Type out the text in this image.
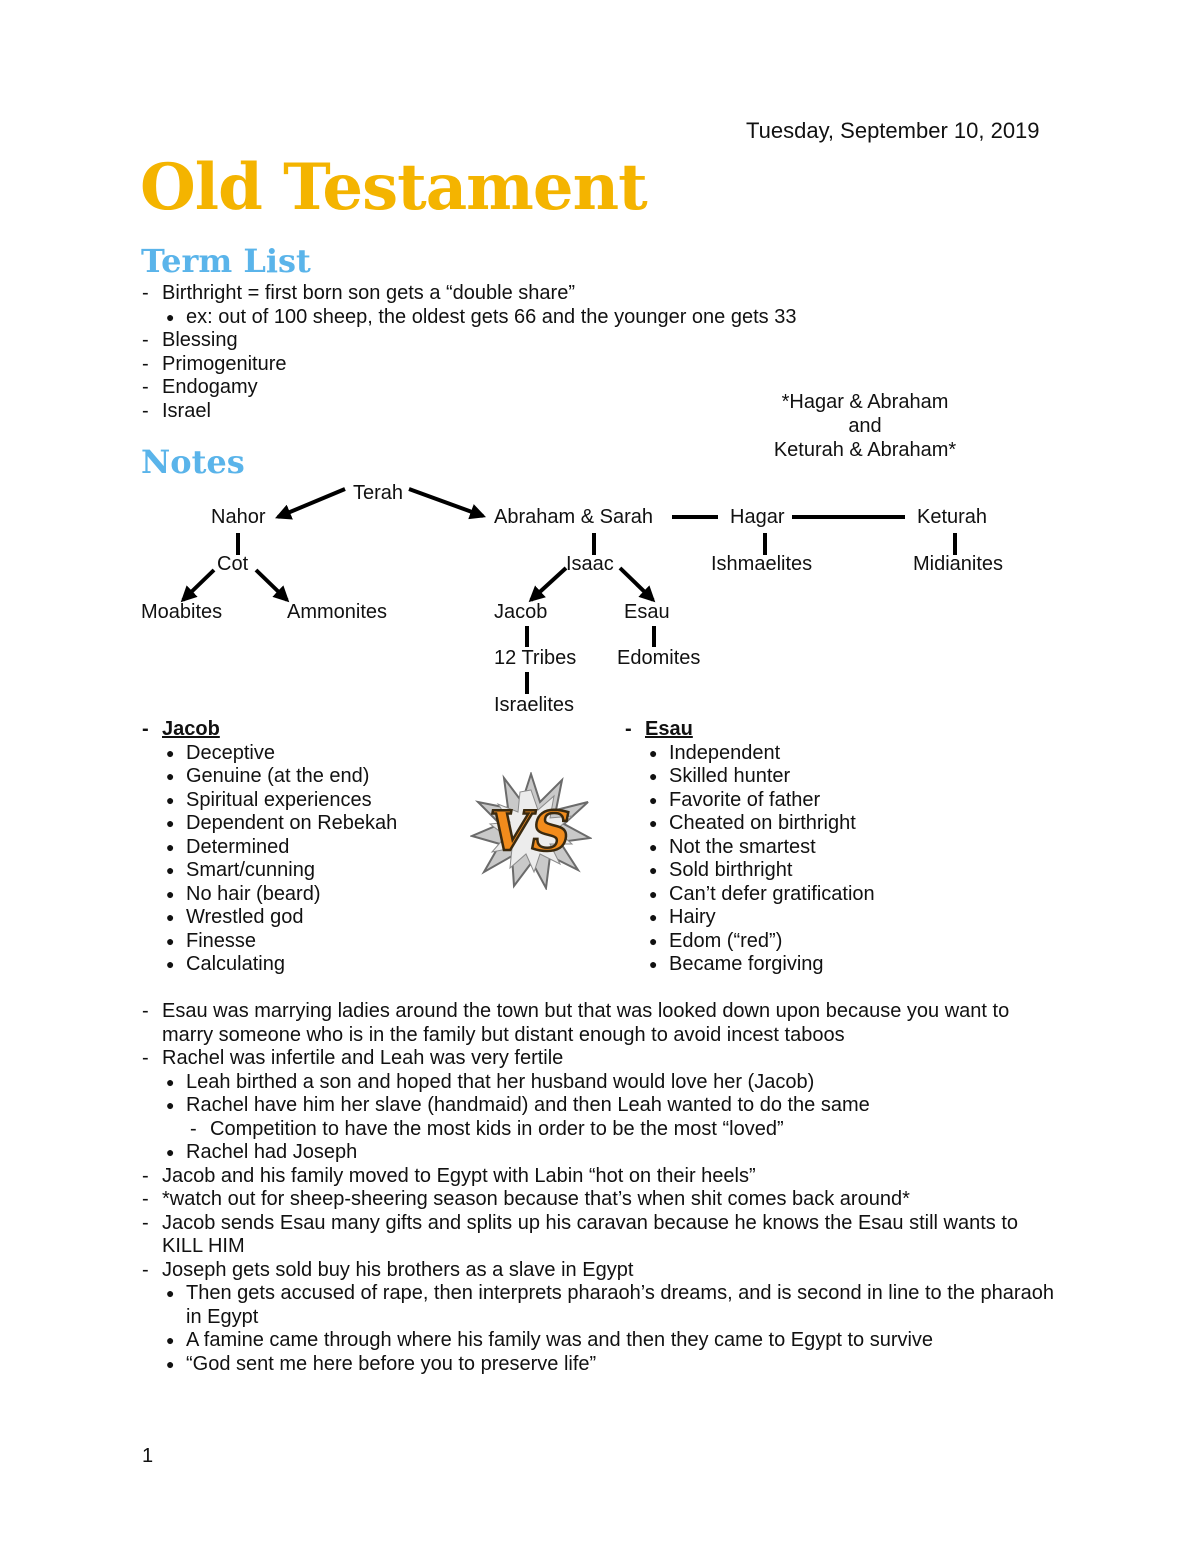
Tuesday, September 10, 2019
Old Testament
Term List
- Birthright = first born son gets a “double share”
● ex: out of 100 sheep, the oldest gets 66 and the younger one gets 33
- Blessing
- Primogeniture
- Endogamy
- Israel	*Hagar & Abraham
and
Keturah & Abraham*
Notes
Terah
Nahor
Cot
Moabites	Ammonites
Abraham & Sarah	Hagar	Keturah
Isaac	Ishmaelites	Midianites
Jacob	Esau
12 Tribes Edomites
Israelites
- Jacob
● Deceptive
● Genuine (at the end)
● Spiritual experiences
● Dependent on Rebekah
● Determined
● Smart/cunning
● No hair (beard)
● Wrestled god
● Finesse
● Calculating
VS
- Esau
● Independent
● Skilled hunter
● Favorite of father
● Cheated on birthright
● Not the smartest
● Sold birthright
● Can’t defer gratification
● Hairy
● Edom (“red”)
● Became forgiving
- Esau was marrying ladies around the town but that was looked down upon because you want to marry someone who is in the family but distant enough to avoid incest taboos
- Rachel was infertile and Leah was very fertile
● Leah birthed a son and hoped that her husband would love her (Jacob)
● Rachel have him her slave (handmaid) and then Leah wanted to do the same
- Competition to have the most kids in order to be the most “loved”
● Rachel had Joseph
- Jacob and his family moved to Egypt with Labin “hot on their heels”
- *watch out for sheep-sheering season because that’s when shit comes back around*
- Jacob sends Esau many gifts and splits up his caravan because he knows the Esau still wants to KILL HIM
- Joseph gets sold buy his brothers as a slave in Egypt
● Then gets accused of rape, then interprets pharaoh’s dreams, and is second in line to the pharaoh in Egypt
● A famine came through where his family was and then they came to Egypt to survive
● “God sent me here before you to preserve life”
1
